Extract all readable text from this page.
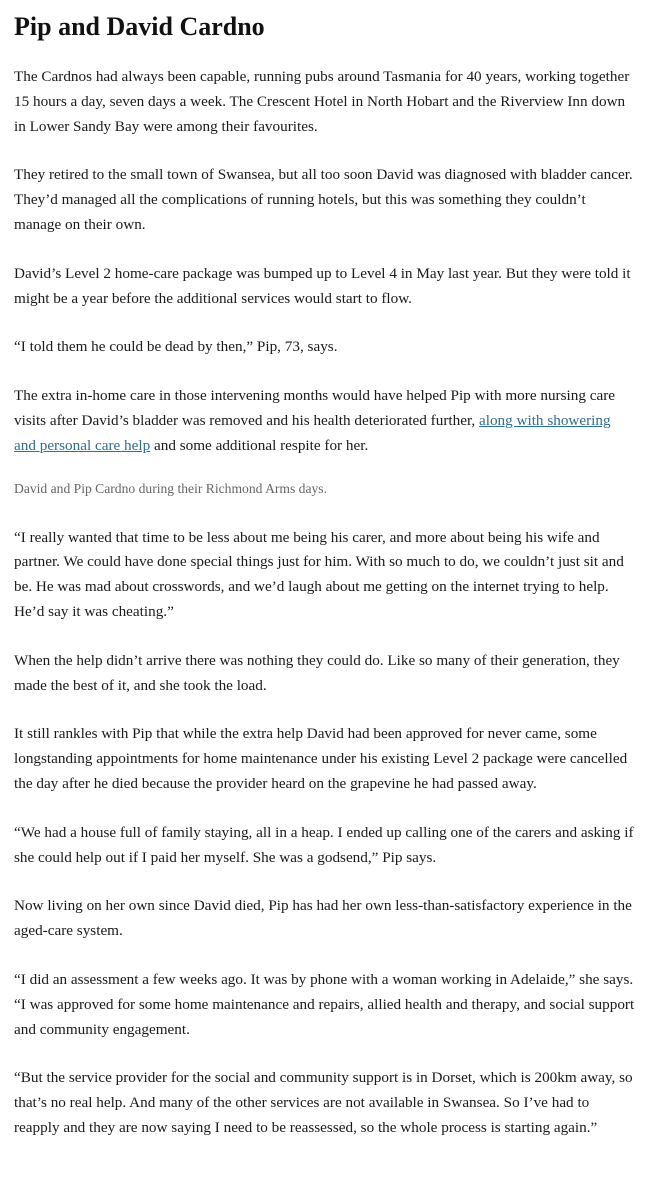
Pip and David Cardno

The Cardnos had always been capable, running pubs around Tasmania for 40 years, working together 15 hours a day, seven days a week. The Crescent Hotel in North Hobart and the Riverview Inn down in Lower Sandy Bay were among their favourites.

They retired to the small town of Swansea, but all too soon David was diagnosed with bladder cancer. They’d managed all the complications of running hotels, but this was something they couldn’t manage on their own.

David’s Level 2 home-care package was bumped up to Level 4 in May last year. But they were told it might be a year before the additional services would start to flow.

“I told them he could be dead by then,” Pip, 73, says.

The extra in-home care in those intervening months would have helped Pip with more nursing care visits after David’s bladder was removed and his health deteriorated further, along with showering and personal care help and some additional respite for her.

David and Pip Cardno during their Richmond Arms days.

“I really wanted that time to be less about me being his carer, and more about being his wife and partner. We could have done special things just for him. With so much to do, we couldn’t just sit and be. He was mad about crosswords, and we’d laugh about me getting on the internet trying to help. He’d say it was cheating.”

When the help didn’t arrive there was nothing they could do. Like so many of their generation, they made the best of it, and she took the load.

It still rankles with Pip that while the extra help David had been approved for never came, some longstanding appointments for home maintenance under his existing Level 2 package were cancelled the day after he died because the provider heard on the grapevine he had passed away.

“We had a house full of family staying, all in a heap. I ended up calling one of the carers and asking if she could help out if I paid her myself. She was a godsend,” Pip says.

Now living on her own since David died, Pip has had her own less-than-satisfactory experience in the aged-care system.

“I did an assessment a few weeks ago. It was by phone with a woman working in Adelaide,” she says. “I was approved for some home maintenance and repairs, allied health and therapy, and social support and community engagement.

“But the service provider for the social and community support is in Dorset, which is 200km away, so that’s no real help. And many of the other services are not available in Swansea. So I’ve had to reapply and they are now saying I need to be reassessed, so the whole process is starting again.”
